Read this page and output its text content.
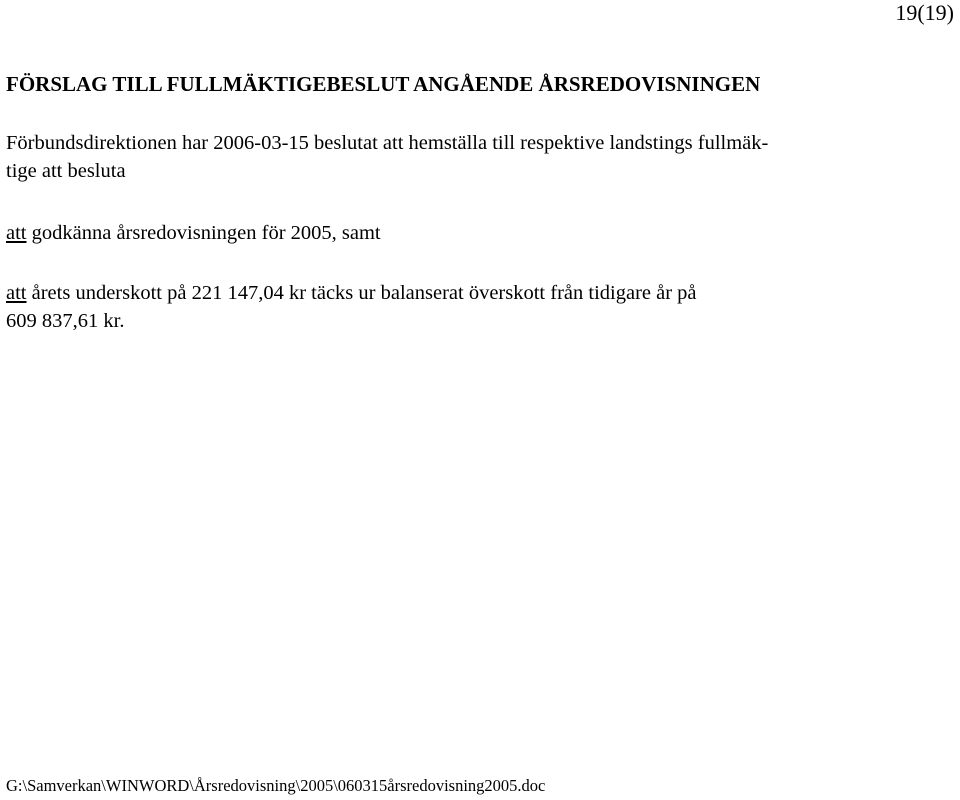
19(19)
FÖRSLAG TILL FULLMÄKTIGEBESLUT ANGÅENDE ÅRSREDOVISNINGEN
Förbundsdirektionen har 2006-03-15 beslutat att hemställa till respektive landstings fullmäk-
tige att besluta
att godkänna årsredovisningen för 2005, samt
att årets underskott på 221 147,04 kr täcks ur balanserat överskott från tidigare år på
609 837,61 kr.
G:\Samverkan\WINWORD\Årsredovisning\2005\060315årsredovisning2005.doc
